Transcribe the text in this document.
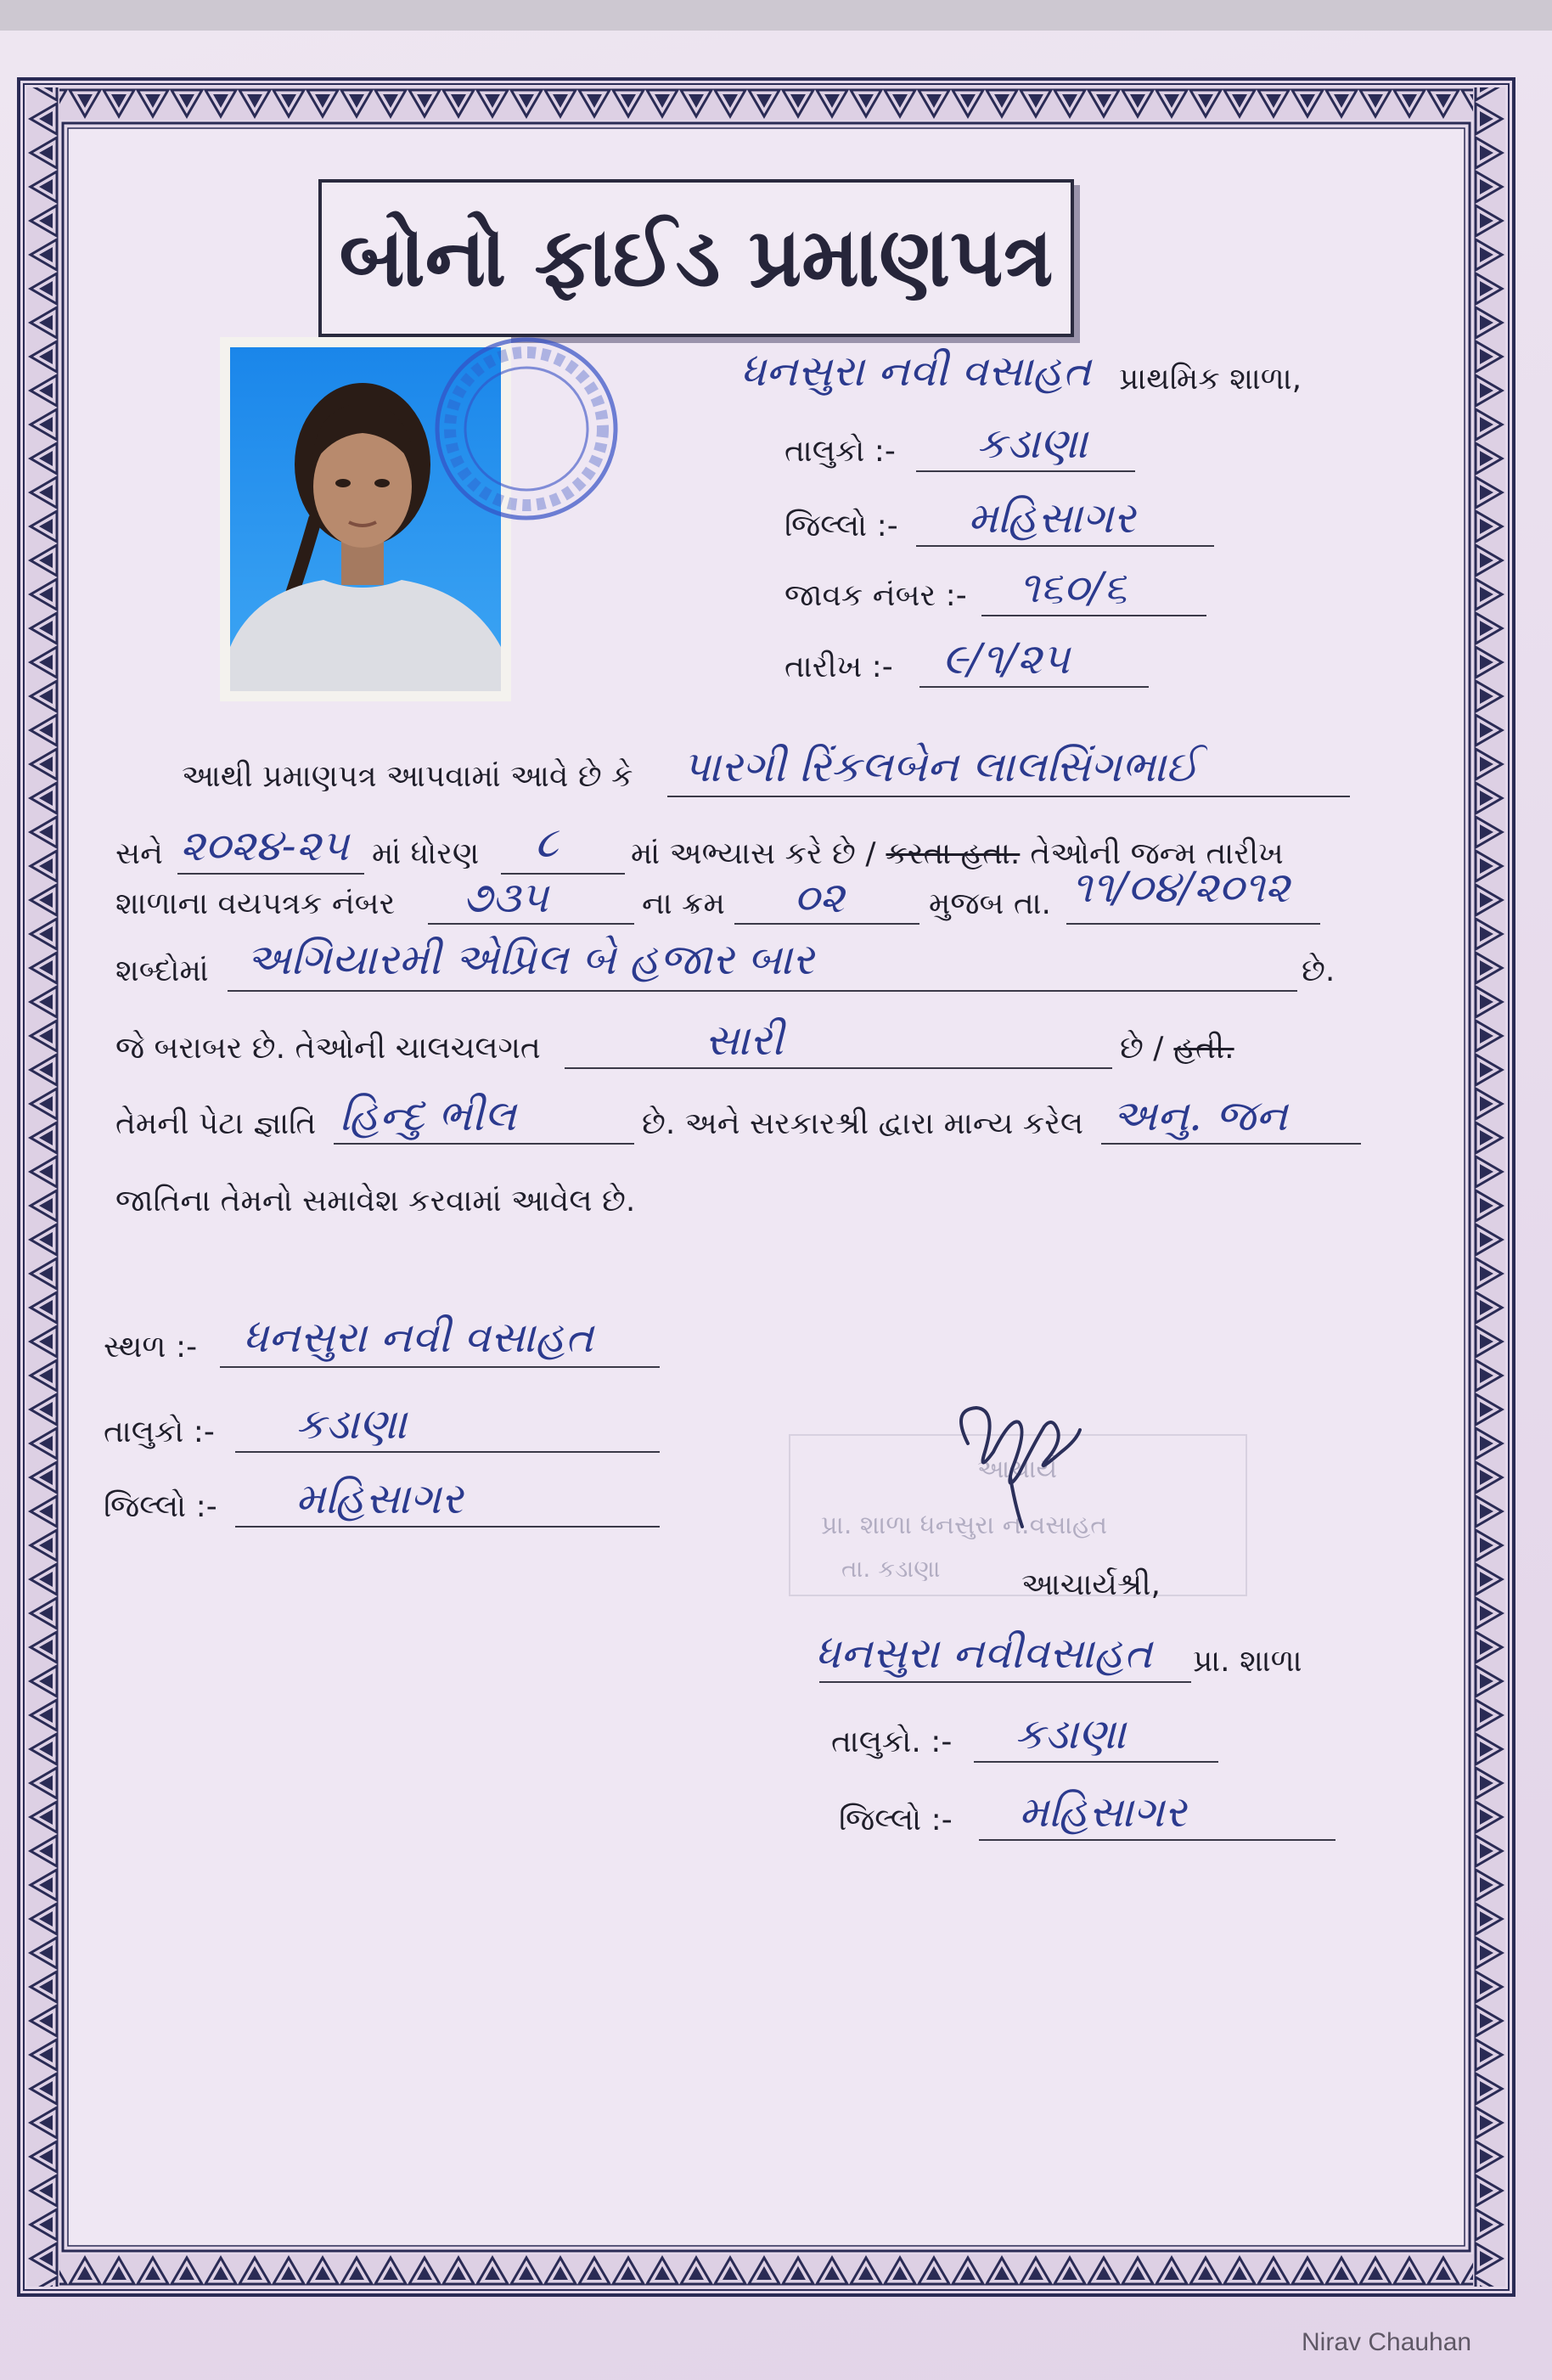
બોનો ફાઈડ પ્રમાણપત્ર
ધનસુરા નવી વસાહત પ્રાથમિક શાળા,
તાલુકો :- કડાણા
જિલ્લો :- મહિસાગર
જાવક નંબર :- ૧૬૦/૬
તારીખ :- ૯/૧/૨૫
આથી પ્રમાણપત્ર આપવામાં આવે છે કે પારગી રિંકલબેન લાલસિંગભાઈ
સને ૨૦૨૪-૨૫ માં ધોરણ ૮ માં અભ્યાસ કરે છે / કરતા હતા. તેઓની જન્મ તારીખ
શાળાના વયપત્રક નંબર ૭૩૫	ના ક્રમ ૦૨	મુજબ તા. ૧૧/૦૪/૨૦૧૨
શબ્દોમાં અગિયારમી એપ્રિલ બે હજાર બાર	છે.
જે બરાબર છે. તેઓની ચાલચલગત	સારી	છે / હતી.
તેમની પેટા જ્ઞાતિ હિન્દુ ભીલ	છે. અને સરકારશ્રી દ્વારા માન્ય કરેલ અનુ. જન
જાતિના તેમનો સમાવેશ કરવામાં આવેલ છે.
સ્થળ :- ધનસુરા નવી વસાહત
તાલુકો :- કડાણા
જિલ્લો :- મહિસાગર
આચાર્ય
પ્રા. શાળા ધનસુરા ન.વસાહત
તા. કડાણા	આચાર્યશ્રી,
ધનસુરા નવીવસાહત પ્રા. શાળા
તાલુકો. :- કડાણા
જિલ્લો :- મહિસાગર
Nirav Chauhan
